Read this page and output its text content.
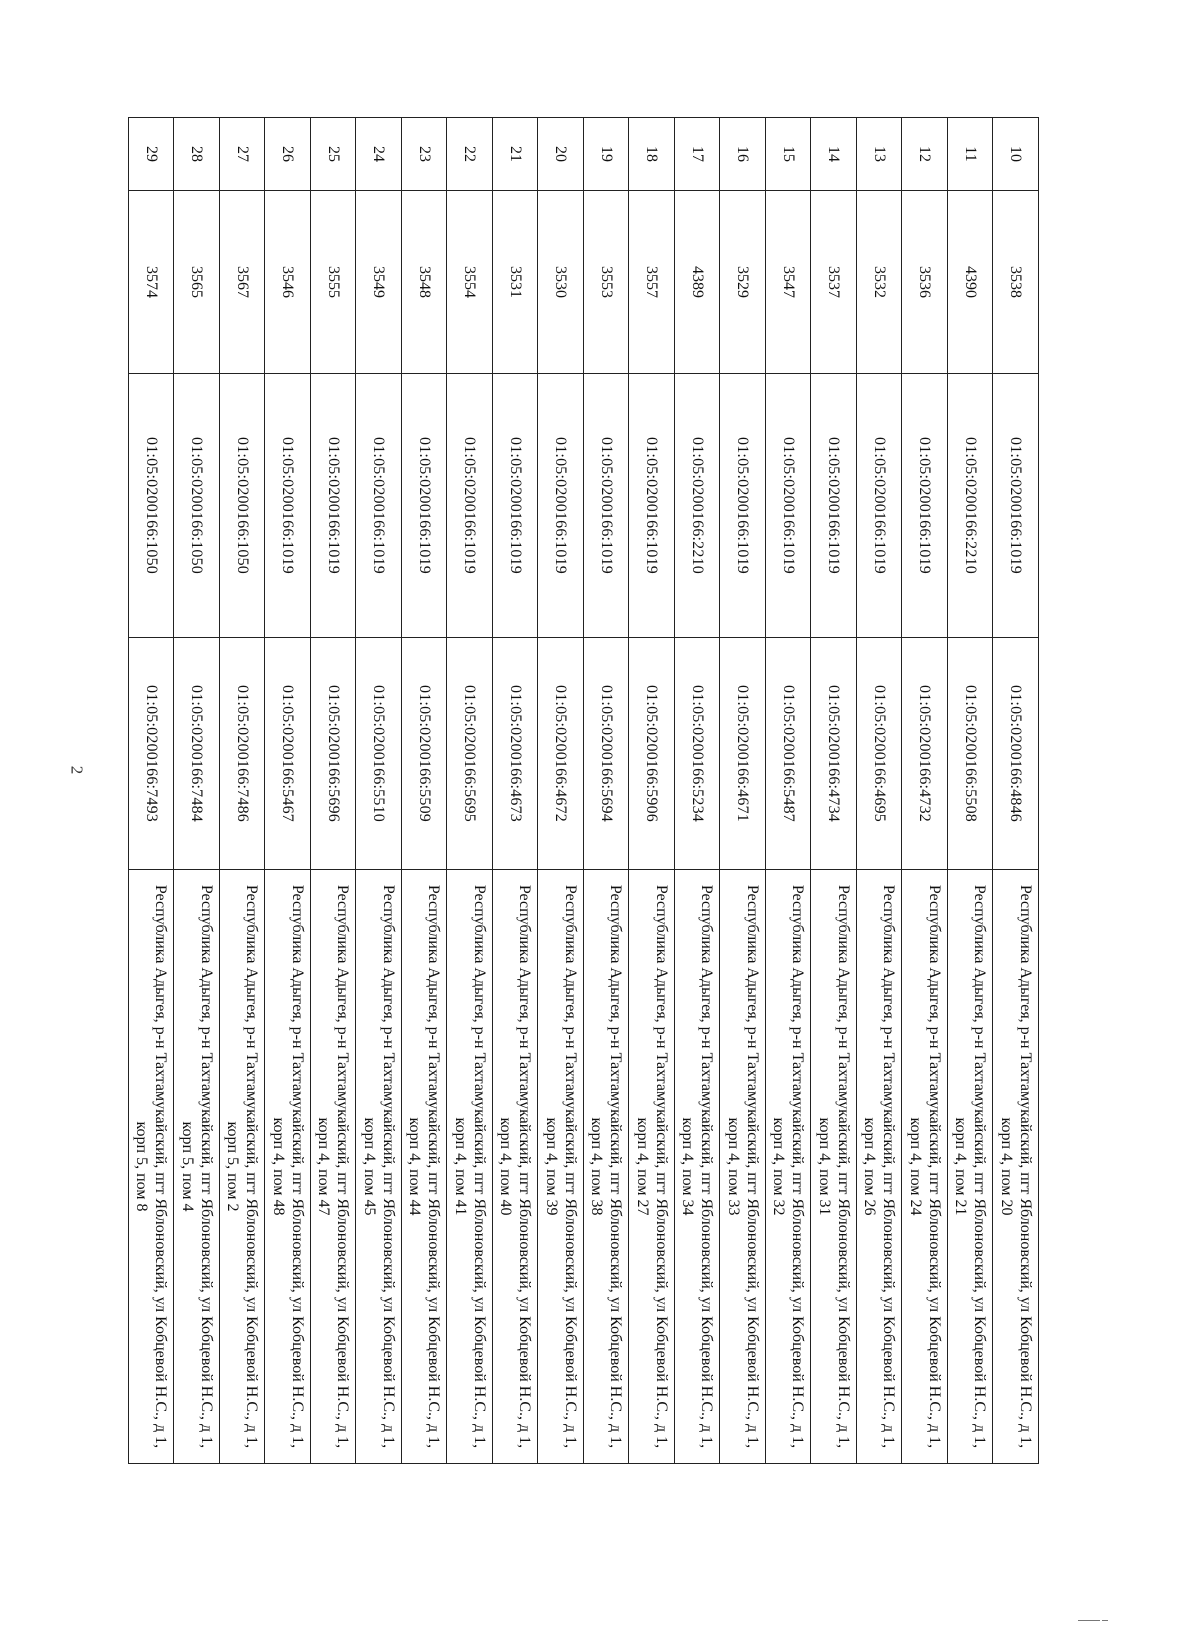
2
10	3538	01:05:0200166:1019	01:05:0200166:4846	Республика Адыгея, р-н Тахтамукайский, пгт Яблоновский, ул Кобцевой Н.С., д 1, корп 4, пом 20
11	4390	01:05:0200166:2210	01:05:0200166:5508	Республика Адыгея, р-н Тахтамукайский, пгт Яблоновский, ул Кобцевой Н.С., д 1, корп 4, пом 21
12	3536	01:05:0200166:1019	01:05:0200166:4732	Республика Адыгея, р-н Тахтамукайский, пгт Яблоновский, ул Кобцевой Н.С., д 1, корп 4, пом 24
13	3532	01:05:0200166:1019	01:05:0200166:4695	Республика Адыгея, р-н Тахтамукайский, пгт Яблоновский, ул Кобцевой Н.С., д 1, корп 4, пом 26
14	3537	01:05:0200166:1019	01:05:0200166:4734	Республика Адыгея, р-н Тахтамукайский, пгт Яблоновский, ул Кобцевой Н.С., д 1, корп 4, пом 31
15	3547	01:05:0200166:1019	01:05:0200166:5487	Республика Адыгея, р-н Тахтамукайский, пгт Яблоновский, ул Кобцевой Н.С., д 1, корп 4, пом 32
16	3529	01:05:0200166:1019	01:05:0200166:4671	Республика Адыгея, р-н Тахтамукайский, пгт Яблоновский, ул Кобцевой Н.С., д 1, корп 4, пом 33
17	4389	01:05:0200166:2210	01:05:0200166:5234	Республика Адыгея, р-н Тахтамукайский, пгт Яблоновский, ул Кобцевой Н.С., д 1, корп 4, пом 34
18	3557	01:05:0200166:1019	01:05:0200166:5906	Республика Адыгея, р-н Тахтамукайский, пгт Яблоновский, ул Кобцевой Н.С., д 1, корп 4, пом 27
19	3553	01:05:0200166:1019	01:05:0200166:5694	Республика Адыгея, р-н Тахтамукайский, пгт Яблоновский, ул Кобцевой Н.С., д 1, корп 4, пом 38
20	3530	01:05:0200166:1019	01:05:0200166:4672	Республика Адыгея, р-н Тахтамукайский, пгт Яблоновский, ул Кобцевой Н.С., д 1, корп 4, пом 39
21	3531	01:05:0200166:1019	01:05:0200166:4673	Республика Адыгея, р-н Тахтамукайский, пгт Яблоновский, ул Кобцевой Н.С., д 1, корп 4, пом 40
22	3554	01:05:0200166:1019	01:05:0200166:5695	Республика Адыгея, р-н Тахтамукайский, пгт Яблоновский, ул Кобцевой Н.С., д 1, корп 4, пом 41
23	3548	01:05:0200166:1019	01:05:0200166:5509	Республика Адыгея, р-н Тахтамукайский, пгт Яблоновский, ул Кобцевой Н.С., д 1, корп 4, пом 44
24	3549	01:05:0200166:1019	01:05:0200166:5510	Республика Адыгея, р-н Тахтамукайский, пгт Яблоновский, ул Кобцевой Н.С., д 1, корп 4, пом 45
25	3555	01:05:0200166:1019	01:05:0200166:5696	Республика Адыгея, р-н Тахтамукайский, пгт Яблоновский, ул Кобцевой Н.С., д 1, корп 4, пом 47
26	3546	01:05:0200166:1019	01:05:0200166:5467	Республика Адыгея, р-н Тахтамукайский, пгт Яблоновский, ул Кобцевой Н.С., д 1, корп 4, пом 48
27	3567	01:05:0200166:1050	01:05:0200166:7486	Республика Адыгея, р-н Тахтамукайский, пгт Яблоновский, ул Кобцевой Н.С., д 1, корп 5, пом 2
28	3565	01:05:0200166:1050	01:05:0200166:7484	Республика Адыгея, р-н Тахтамукайский, пгт Яблоновский, ул Кобцевой Н.С., д 1, корп 5, пом 4
29	3574	01:05:0200166:1050	01:05:0200166:7493	Республика Адыгея, р-н Тахтамукайский, пгт Яблоновский, ул Кобцевой Н.С., д 1, корп 5, пом 8
